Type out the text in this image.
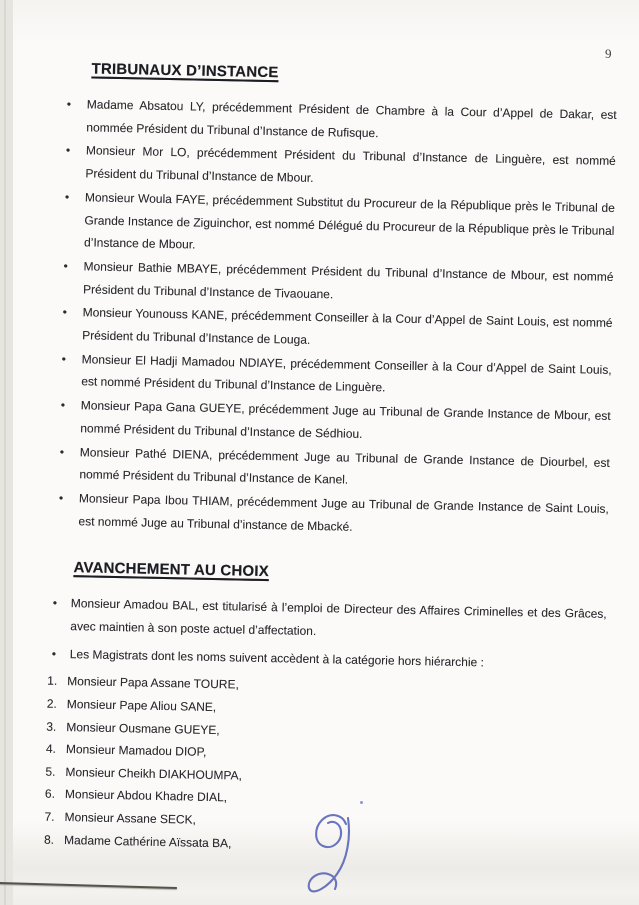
9
TRIBUNAUX D’INSTANCE
• Madame Absatou LY, précédemment Président de Chambre à la Cour d’Appel de Dakar, est nommée Président du Tribunal d’Instance de Rufisque.
• Monsieur Mor LO, précédemment Président du Tribunal d’Instance de Linguère, est nommé Président du Tribunal d’Instance de Mbour.
• Monsieur Woula FAYE, précédemment Substitut du Procureur de la République près le Tribunal de Grande Instance de Ziguinchor, est nommé Délégué du Procureur de la République près le Tribunal d’Instance de Mbour.
• Monsieur Bathie MBAYE, précédemment Président du Tribunal d’Instance de Mbour, est nommé Président du Tribunal d’Instance de Tivaouane.
• Monsieur Younouss KANE, précédemment Conseiller à la Cour d’Appel de Saint Louis, est nommé Président du Tribunal d’Instance de Louga.
• Monsieur El Hadji Mamadou NDIAYE, précédemment Conseiller à la Cour d’Appel de Saint Louis, est nommé Président du Tribunal d’Instance de Linguère.
• Monsieur Papa Gana GUEYE, précédemment Juge au Tribunal de Grande Instance de Mbour, est nommé Président du Tribunal d’Instance de Sédhiou.
• Monsieur Pathé DIENA, précédemment Juge au Tribunal de Grande Instance de Diourbel, est nommé Président du Tribunal d’Instance de Kanel.
• Monsieur Papa Ibou THIAM, précédemment Juge au Tribunal de Grande Instance de Saint Louis, est nommé Juge au Tribunal d’instance de Mbacké.
AVANCHEMENT AU CHOIX
• Monsieur Amadou BAL, est titularisé à l’emploi de Directeur des Affaires Criminelles et des Grâces, avec maintien à son poste actuel d’affectation.
• Les Magistrats dont les noms suivent accèdent à la catégorie hors hiérarchie :
1. Monsieur Papa Assane TOURE,
2. Monsieur Pape Aliou SANE,
3. Monsieur Ousmane GUEYE,
4. Monsieur Mamadou DIOP,
5. Monsieur Cheikh DIAKHOUMPA,
6. Monsieur Abdou Khadre DIAL,
7. Monsieur Assane SECK,
8. Madame Cathérine Aïssata BA,
